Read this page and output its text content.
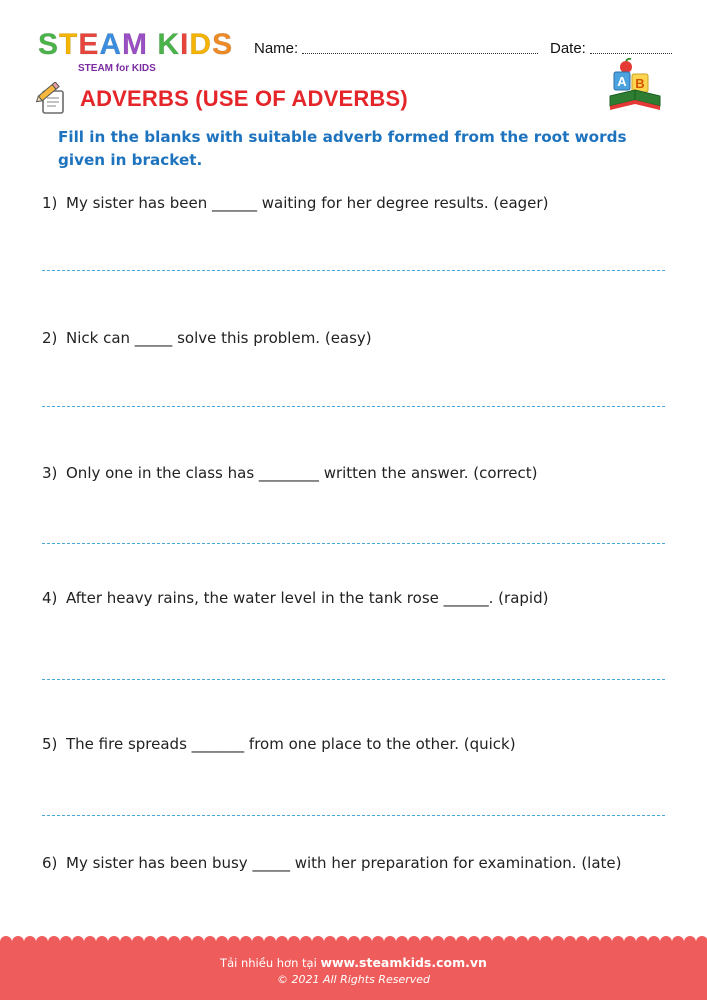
STEAM KIDS
STEAM for KIDS
Name:	Date:
ADVERBS (USE OF ADVERBS)
A B
Fill in the blanks with suitable adverb formed from the root words given in bracket.
1) My sister has been ______ waiting for her degree results. (eager)
2) Nick can _____ solve this problem. (easy)
3) Only one in the class has ________ written the answer. (correct)
4) After heavy rains, the water level in the tank rose ______. (rapid)
5) The fire spreads _______ from one place to the other. (quick)
6) My sister has been busy _____ with her preparation for examination. (late)
Tải nhiều hơn tại www.steamkids.com.vn
© 2021 All Rights Reserved
